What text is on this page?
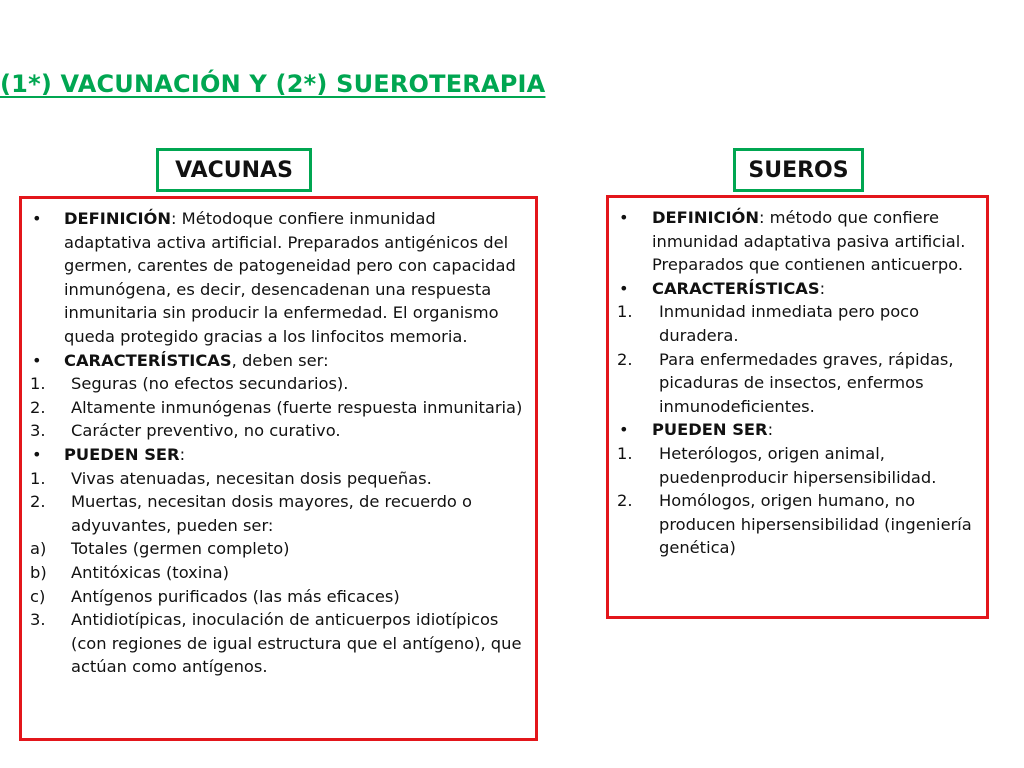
(1*) VACUNACIÓN Y (2*) SUEROTERAPIA
VACUNAS	SUEROS
•	DEFINICIÓN: Métodoque confiere inmunidad adaptativa activa artificial. Preparados antigénicos del germen, carentes de patogeneidad pero con capacidad inmunógena, es decir, desencadenan una respuesta inmunitaria sin producir la enfermedad. El organismo queda protegido gracias a los linfocitos memoria.
•	CARACTERÍSTICAS, deben ser:
1.	Seguras (no efectos secundarios).
2.	Altamente inmunógenas (fuerte respuesta inmunitaria)
3.	Carácter preventivo, no curativo.
•	PUEDEN SER:
1.	Vivas atenuadas, necesitan dosis pequeñas.
2.	Muertas, necesitan dosis mayores, de recuerdo o adyuvantes, pueden ser:
a)	Totales (germen completo)
b)	Antitóxicas (toxina)
c)	Antígenos purificados (las más eficaces)
3.	Antidiotípicas, inoculación de anticuerpos idiotípicos (con regiones de igual estructura que el antígeno), que actúan como antígenos.
•	DEFINICIÓN: método que confiere inmunidad adaptativa pasiva artificial. Preparados que contienen anticuerpo.
•	CARACTERÍSTICAS:
1.	Inmunidad inmediata pero poco duradera.
2.	Para enfermedades graves, rápidas, picaduras de insectos, enfermos inmunodeficientes.
•	PUEDEN SER:
1.	Heterólogos, origen animal, puedenproducir hipersensibilidad.
2.	Homólogos, origen humano, no producen hipersensibilidad (ingeniería genética)
